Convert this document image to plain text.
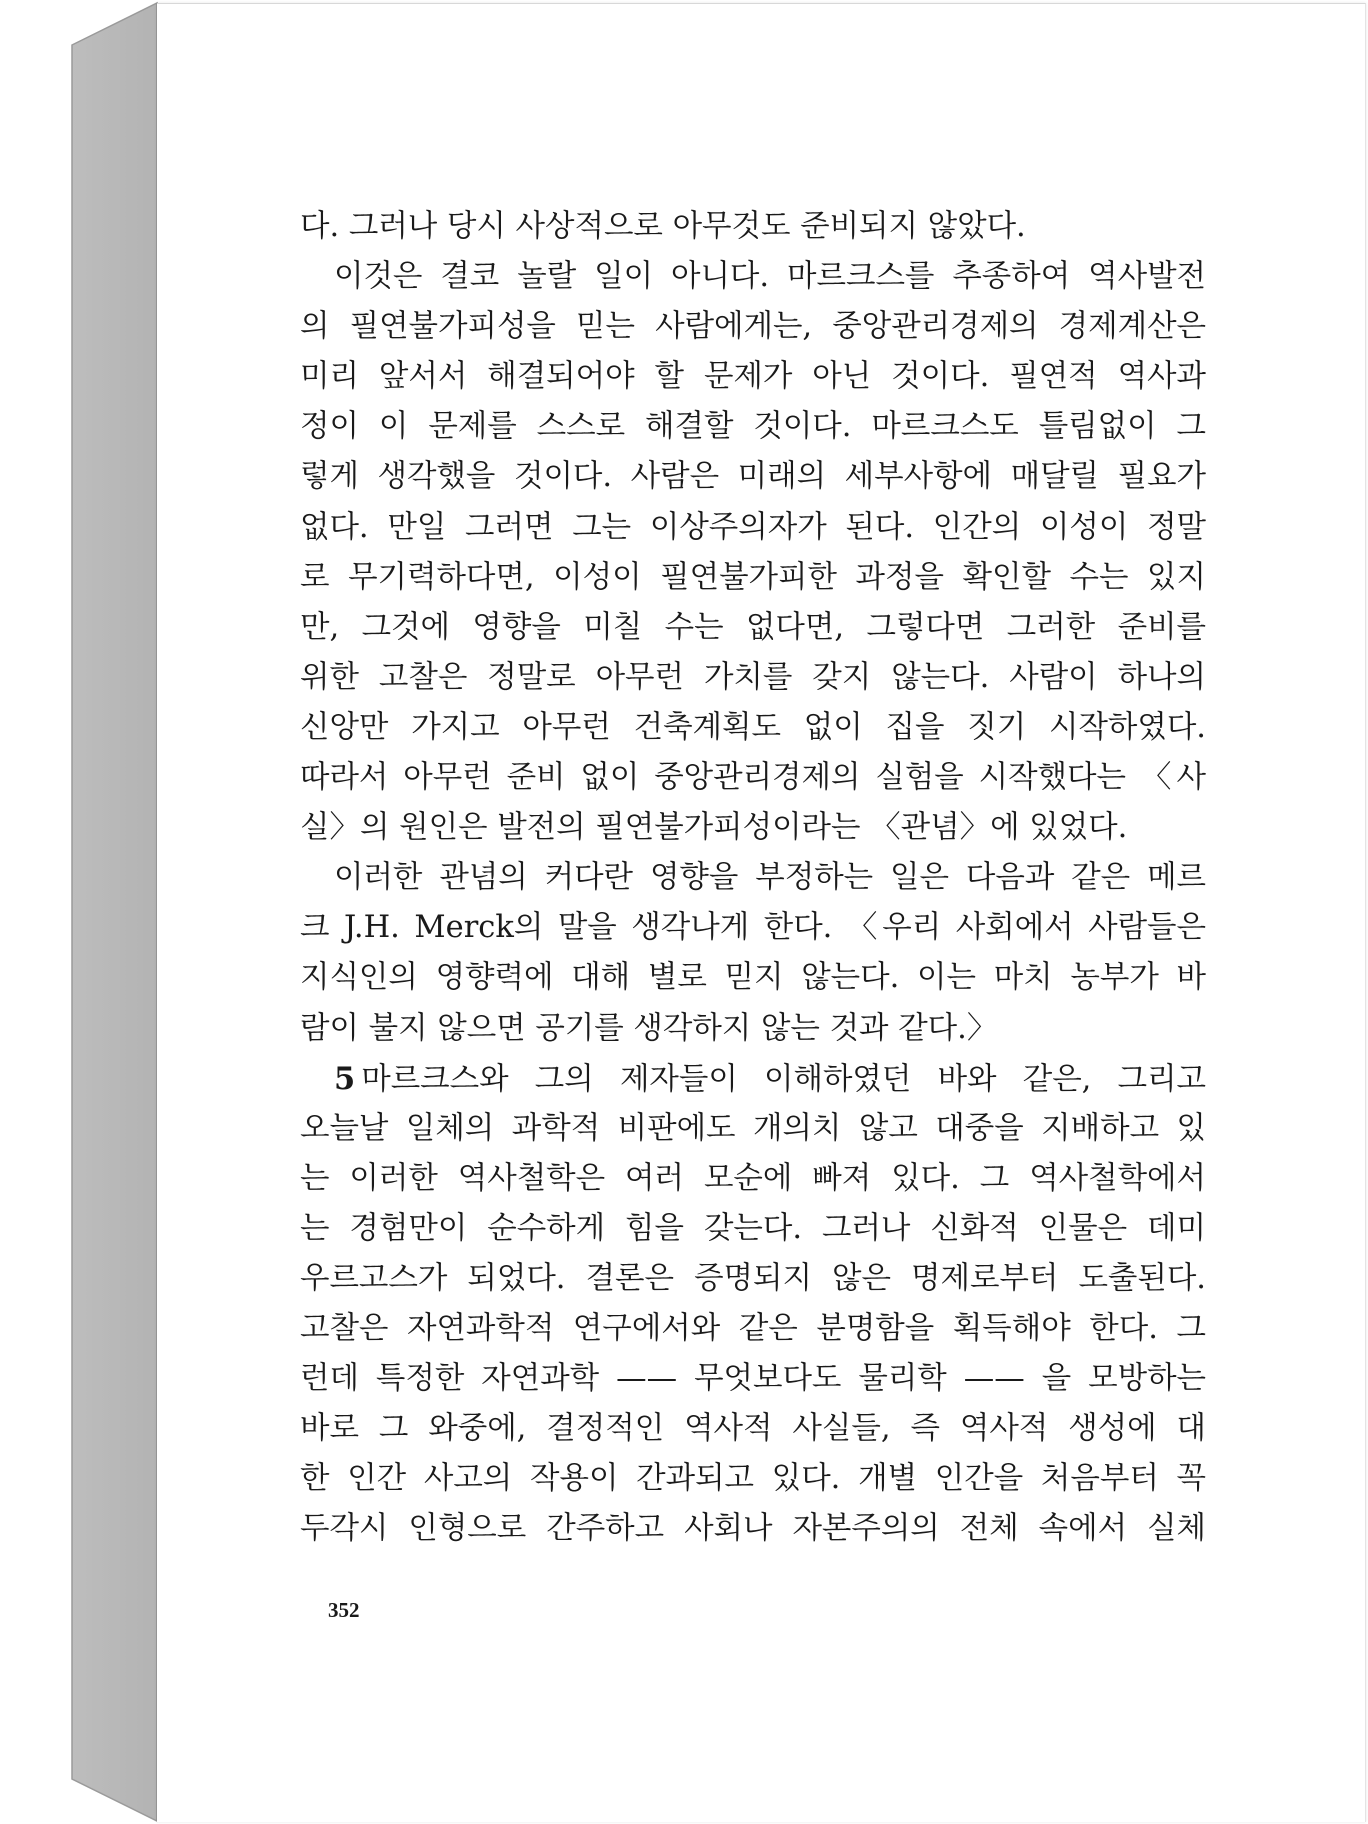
다. 그러나 당시 사상적으로 아무것도 준비되지 않았다.
이것은 결코 놀랄 일이 아니다. 마르크스를 추종하여 역사발전
의 필연불가피성을 믿는 사람에게는, 중앙관리경제의 경제계산은
미리 앞서서 해결되어야 할 문제가 아닌 것이다. 필연적 역사과
정이 이 문제를 스스로 해결할 것이다. 마르크스도 틀림없이 그
렇게 생각했을 것이다. 사람은 미래의 세부사항에 매달릴 필요가
없다. 만일 그러면 그는 이상주의자가 된다. 인간의 이성이 정말
로 무기력하다면, 이성이 필연불가피한 과정을 확인할 수는 있지
만, 그것에 영향을 미칠 수는 없다면, 그렇다면 그러한 준비를
위한 고찰은 정말로 아무런 가치를 갖지 않는다. 사람이 하나의
신앙만 가지고 아무런 건축계획도 없이 집을 짓기 시작하였다.
따라서 아무런 준비 없이 중앙관리경제의 실험을 시작했다는 〈사
실〉의 원인은 발전의 필연불가피성이라는 〈관념〉에 있었다.
이러한 관념의 커다란 영향을 부정하는 일은 다음과 같은 메르
크 J.H. Merck의 말을 생각나게 한다. 〈우리 사회에서 사람들은
지식인의 영향력에 대해 별로 믿지 않는다. 이는 마치 농부가 바
람이 불지 않으면 공기를 생각하지 않는 것과 같다.〉
5 마르크스와 그의 제자들이 이해하였던 바와 같은, 그리고
오늘날 일체의 과학적 비판에도 개의치 않고 대중을 지배하고 있
는 이러한 역사철학은 여러 모순에 빠져 있다. 그 역사철학에서
는 경험만이 순수하게 힘을 갖는다. 그러나 신화적 인물은 데미
우르고스가 되었다. 결론은 증명되지 않은 명제로부터 도출된다.
고찰은 자연과학적 연구에서와 같은 분명함을 획득해야 한다. 그
런데 특정한 자연과학 —— 무엇보다도 물리학 —— 을 모방하는
바로 그 와중에, 결정적인 역사적 사실들, 즉 역사적 생성에 대
한 인간 사고의 작용이 간과되고 있다. 개별 인간을 처음부터 꼭
두각시 인형으로 간주하고 사회나 자본주의의 전체 속에서 실체
352
